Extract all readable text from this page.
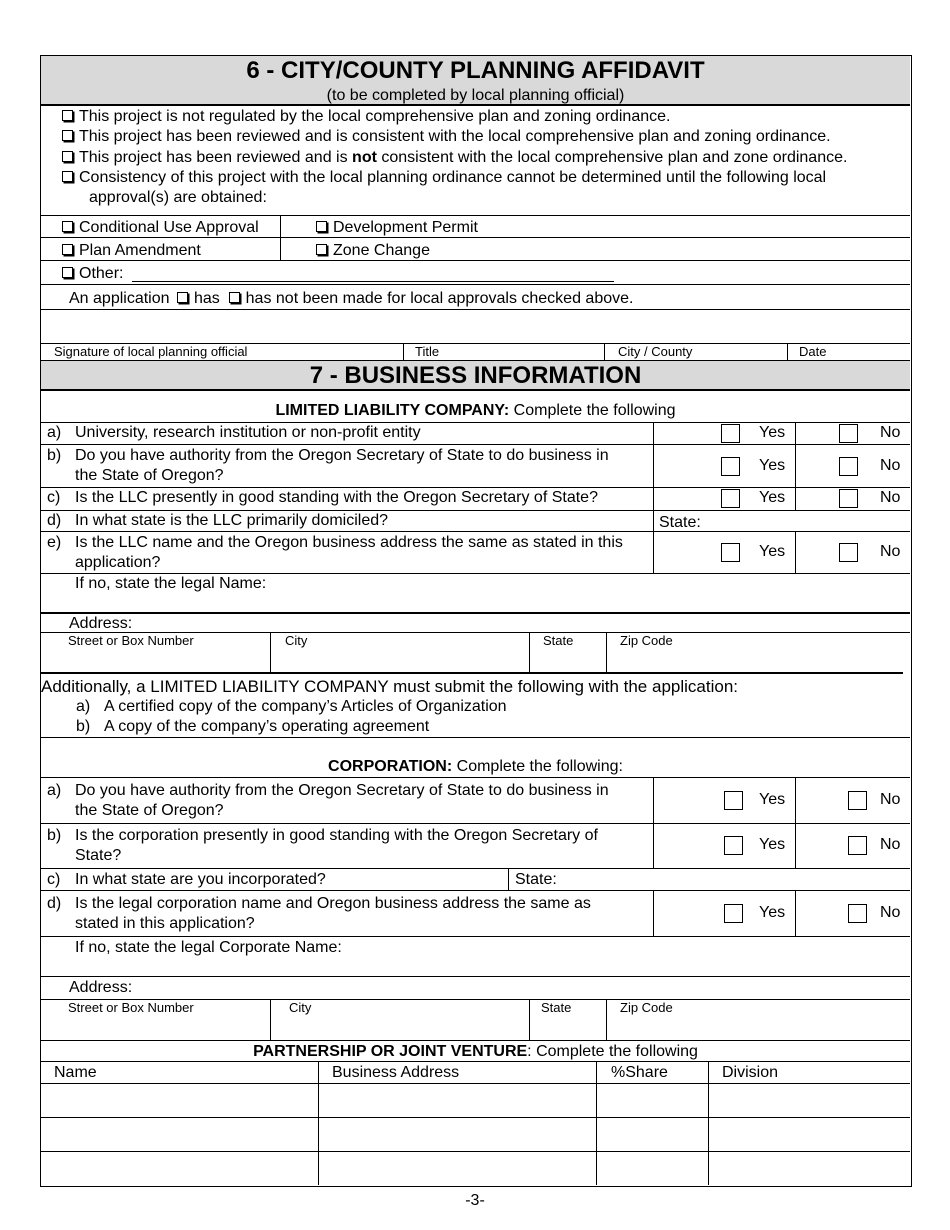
6 - CITY/COUNTY PLANNING AFFIDAVIT
(to be completed by local planning official)
This project is not regulated by the local comprehensive plan and zoning ordinance.
This project has been reviewed and is consistent with the local comprehensive plan and zoning ordinance.
This project has been reviewed and is not consistent with the local comprehensive plan and zone ordinance.
Consistency of this project with the local planning ordinance cannot be determined until the following local
approval(s) are obtained:
Conditional Use Approval	Development Permit
Plan Amendment	Zone Change
Other:
An application has has not been made for local approvals checked above.
Signature of local planning official	Title	City / County	Date
7 - BUSINESS INFORMATION
LIMITED LIABILITY COMPANY: Complete the following
a) University, research institution or non-profit entity	Yes	No
b) Do you have authority from the Oregon Secretary of State to do business in
the State of Oregon?
Yes	No
c) Is the LLC presently in good standing with the Oregon Secretary of State?	Yes	No
d) In what state is the LLC primarily domiciled?	State:
e) Is the LLC name and the Oregon business address the same as stated in this
application?
Yes	No
If no, state the legal Name:
Address:
Street or Box Number	City	State	Zip Code
Additionally, a LIMITED LIABILITY COMPANY must submit the following with the application:
a) A certified copy of the company’s Articles of Organization
b) A copy of the company’s operating agreement
CORPORATION: Complete the following:
a) Do you have authority from the Oregon Secretary of State to do business in
the State of Oregon?
Yes	No
b) Is the corporation presently in good standing with the Oregon Secretary of
State?
Yes	No
c) In what state are you incorporated?	State:
d) Is the legal corporation name and Oregon business address the same as
stated in this application?
Yes	No
If no, state the legal Corporate Name:
Address:
Street or Box Number	City	State	Zip Code
PARTNERSHIP OR JOINT VENTURE: Complete the following
Name	Business Address	%Share	Division
-3-
